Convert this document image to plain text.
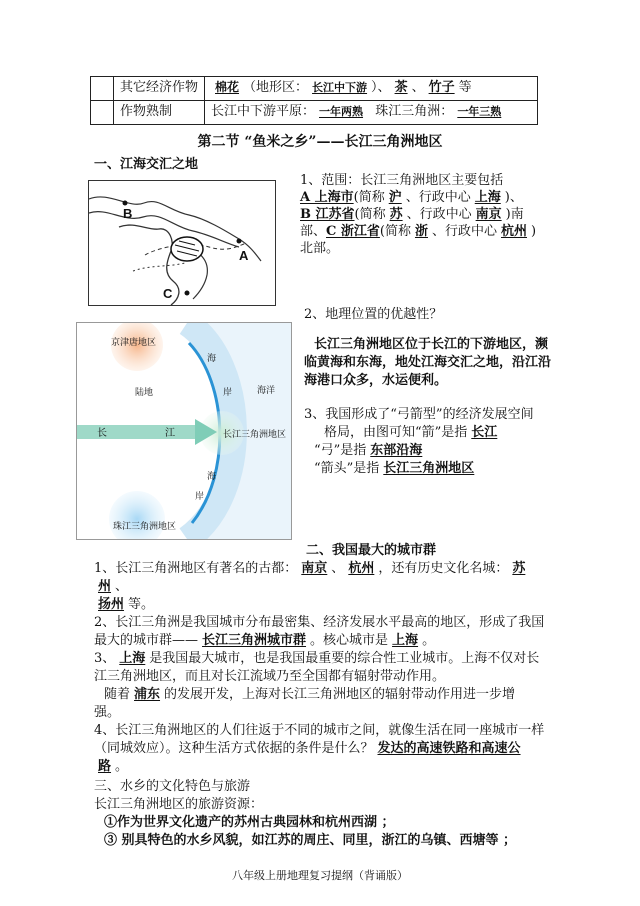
	其它经济作物	棉花 （地形区： 长江中下游 ）、 茶 、 竹子 等
	作物熟制	长江中下游平原： 一年两熟 珠江三角洲： 一年三熟
第二节 “鱼米之乡”——长江三角洲地区
一、江海交汇之地
B
A
C
1、范围：长江三角洲地区主要包括
A 上海市(简称 沪 、行政中心 上海 )、
B 江苏省(简称 苏 、行政中心 南京 )南
部、C 浙江省(简称 浙 、行政中心 杭州 )
北部。
2、地理位置的优越性？
长江三角洲地区位于长江的下游地区，濒
临黄海和东海，地处江海交汇之地，沿江沿
海港口众多，水运便利。
3、我国形成了“弓箭型”的经济发展空间
格局，由图可知“箭”是指 长江
“弓”是指 东部沿海
“箭头”是指 长江三角洲地区
京津唐地区
海
陆地	岸	海洋
长	江	长江三角洲地区
海
岸
珠江三角洲地区
二、我国最大的城市群
1、长江三角洲地区有著名的古都： 南京 、 杭州 ，还有历史文化名城： 苏
州 、
扬州 等。
2、长江三角洲是我国城市分布最密集、经济发展水平最高的地区，形成了我国
最大的城市群—— 长江三角洲城市群 。核心城市是 上海 。
3、 上海 是我国最大城市，也是我国最重要的综合性工业城市。上海不仅对长
江三角洲地区，而且对长江流域乃至全国都有辐射带动作用。
随着 浦东 的发展开发，上海对长江三角洲地区的辐射带动作用进一步增
强。
4、长江三角洲地区的人们往返于不同的城市之间，就像生活在同一座城市一样
（同城效应）。这种生活方式依据的条件是什么？ 发达的高速铁路和高速公
路 。
三、水乡的文化特色与旅游
长江三角洲地区的旅游资源：
①作为世界文化遗产的苏州古典园林和杭州西湖 ；
③ 别具特色的水乡风貌，如江苏的周庄、同里，浙江的乌镇、西塘等 ；
八年级上册地理复习提纲（背诵版）
